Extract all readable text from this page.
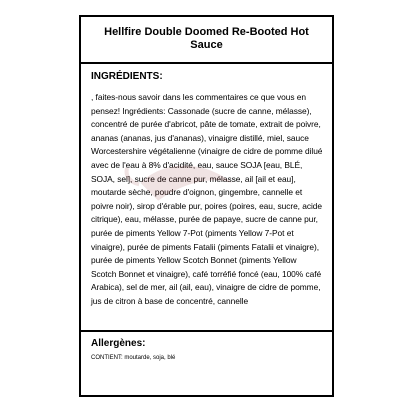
Hellfire Double Doomed Re-Booted Hot Sauce
INGRÉDIENTS:

, faites-nous savoir dans les commentaires ce que vous en pensez! Ingrédients: Cassonade (sucre de canne, mélasse), concentré de purée d'abricot, pâte de tomate, extrait de poivre, ananas (ananas, jus d'ananas), vinaigre distillé, miel, sauce Worcestershire végétalienne (vinaigre de cidre de pomme dilué avec de l'eau à 8% d'acidité, eau, sauce SOJA [eau, BLÉ, SOJA, sel], sucre de canne pur, mélasse, ail [ail et eau], moutarde sèche, poudre d'oignon, gingembre, cannelle et poivre noir), sirop d'érable pur, poires (poires, eau, sucre, acide citrique), eau, mélasse, purée de papaye, sucre de canne pur, purée de piments Yellow 7-Pot (piments Yellow 7-Pot et vinaigre), purée de piments Fatalii (piments Fatalii et vinaigre), purée de piments Yellow Scotch Bonnet (piments Yellow Scotch Bonnet et vinaigre), café torréfié foncé (eau, 100% café Arabica), sel de mer, ail (ail, eau), vinaigre de cidre de pomme, jus de citron à base de concentré, cannelle

Allergènes:

CONTIENT: moutarde, soja, blé
